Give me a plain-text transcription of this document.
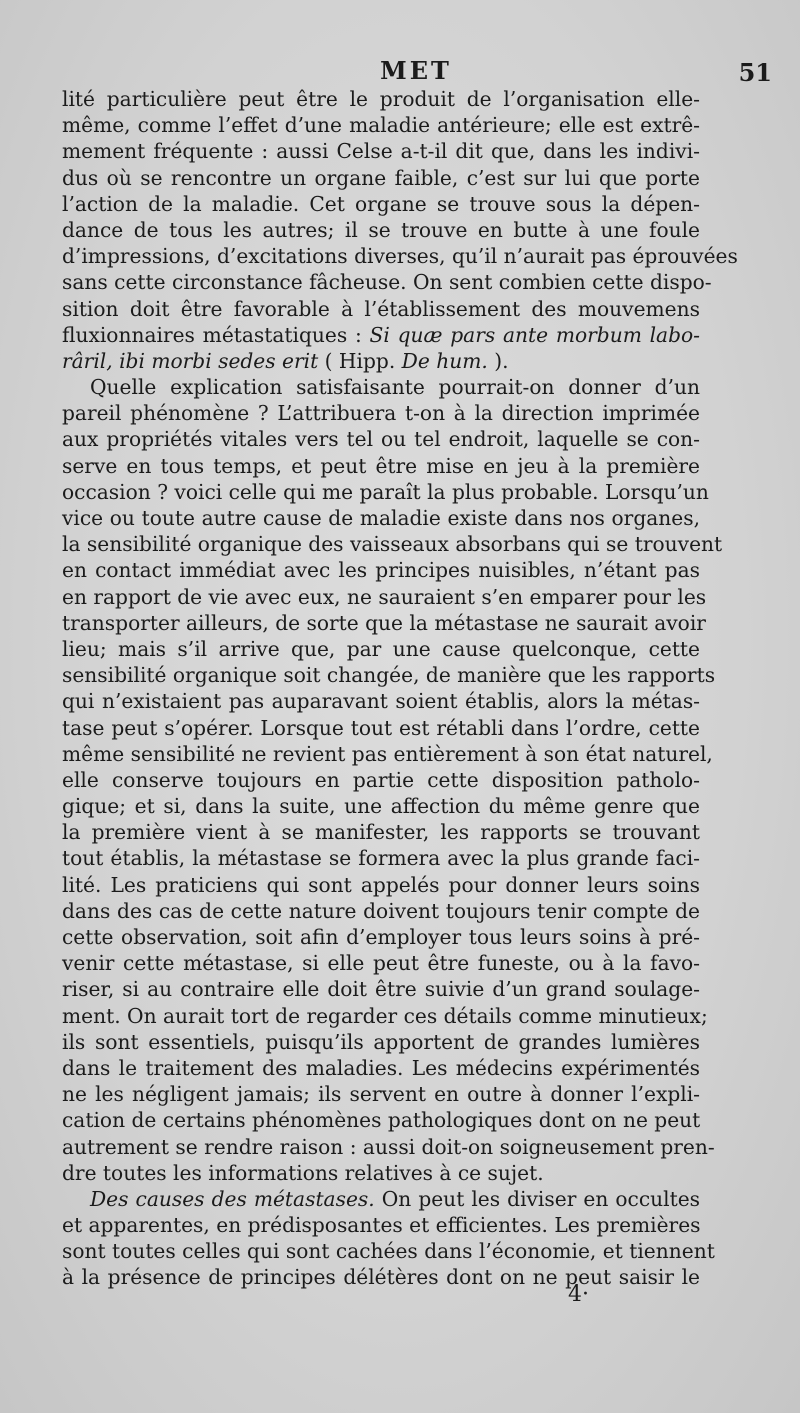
MET	51
lité particulière peut être le produit de l’organisation elle-
même, comme l’effet d’une maladie antérieure; elle est extrê-
mement fréquente : aussi Celse a-t-il dit que, dans les indivi-
dus où se rencontre un organe faible, c’est sur lui que porte
l’action de la maladie. Cet organe se trouve sous la dépen-
dance de tous les autres; il se trouve en butte à une foule
d’impressions, d’excitations diverses, qu’il n’aurait pas éprouvées
sans cette circonstance fâcheuse. On sent combien cette dispo-
sition doit être favorable à l’établissement des mouvemens
fluxionnaires métastatiques : Si quæ pars ante morbum labo-
râril, ibi morbi sedes erit ( Hipp. De hum. ).
Quelle explication satisfaisante pourrait-on donner d’un
pareil phénomène ? L’attribuera t-on à la direction imprimée
aux propriétés vitales vers tel ou tel endroit, laquelle se con-
serve en tous temps, et peut être mise en jeu à la première
occasion ? voici celle qui me paraît la plus probable. Lorsqu’un
vice ou toute autre cause de maladie existe dans nos organes,
la sensibilité organique des vaisseaux absorbans qui se trouvent
en contact immédiat avec les principes nuisibles, n’étant pas
en rapport de vie avec eux, ne sauraient s’en emparer pour les
transporter ailleurs, de sorte que la métastase ne saurait avoir
lieu; mais s’il arrive que, par une cause quelconque, cette
sensibilité organique soit changée, de manière que les rapports
qui n’existaient pas auparavant soient établis, alors la métas-
tase peut s’opérer. Lorsque tout est rétabli dans l’ordre, cette
même sensibilité ne revient pas entièrement à son état naturel,
elle conserve toujours en partie cette disposition patholo-
gique; et si, dans la suite, une affection du même genre que
la première vient à se manifester, les rapports se trouvant
tout établis, la métastase se formera avec la plus grande faci-
lité. Les praticiens qui sont appelés pour donner leurs soins
dans des cas de cette nature doivent toujours tenir compte de
cette observation, soit afin d’employer tous leurs soins à pré-
venir cette métastase, si elle peut être funeste, ou à la favo-
riser, si au contraire elle doit être suivie d’un grand soulage-
ment. On aurait tort de regarder ces détails comme minutieux;
ils sont essentiels, puisqu’ils apportent de grandes lumières
dans le traitement des maladies. Les médecins expérimentés
ne les négligent jamais; ils servent en outre à donner l’expli-
cation de certains phénomènes pathologiques dont on ne peut
autrement se rendre raison : aussi doit-on soigneusement pren-
dre toutes les informations relatives à ce sujet.
Des causes des métastases. On peut les diviser en occultes
et apparentes, en prédisposantes et efficientes. Les premières
sont toutes celles qui sont cachées dans l’économie, et tiennent
à la présence de principes délétères dont on ne peut saisir le
4·
